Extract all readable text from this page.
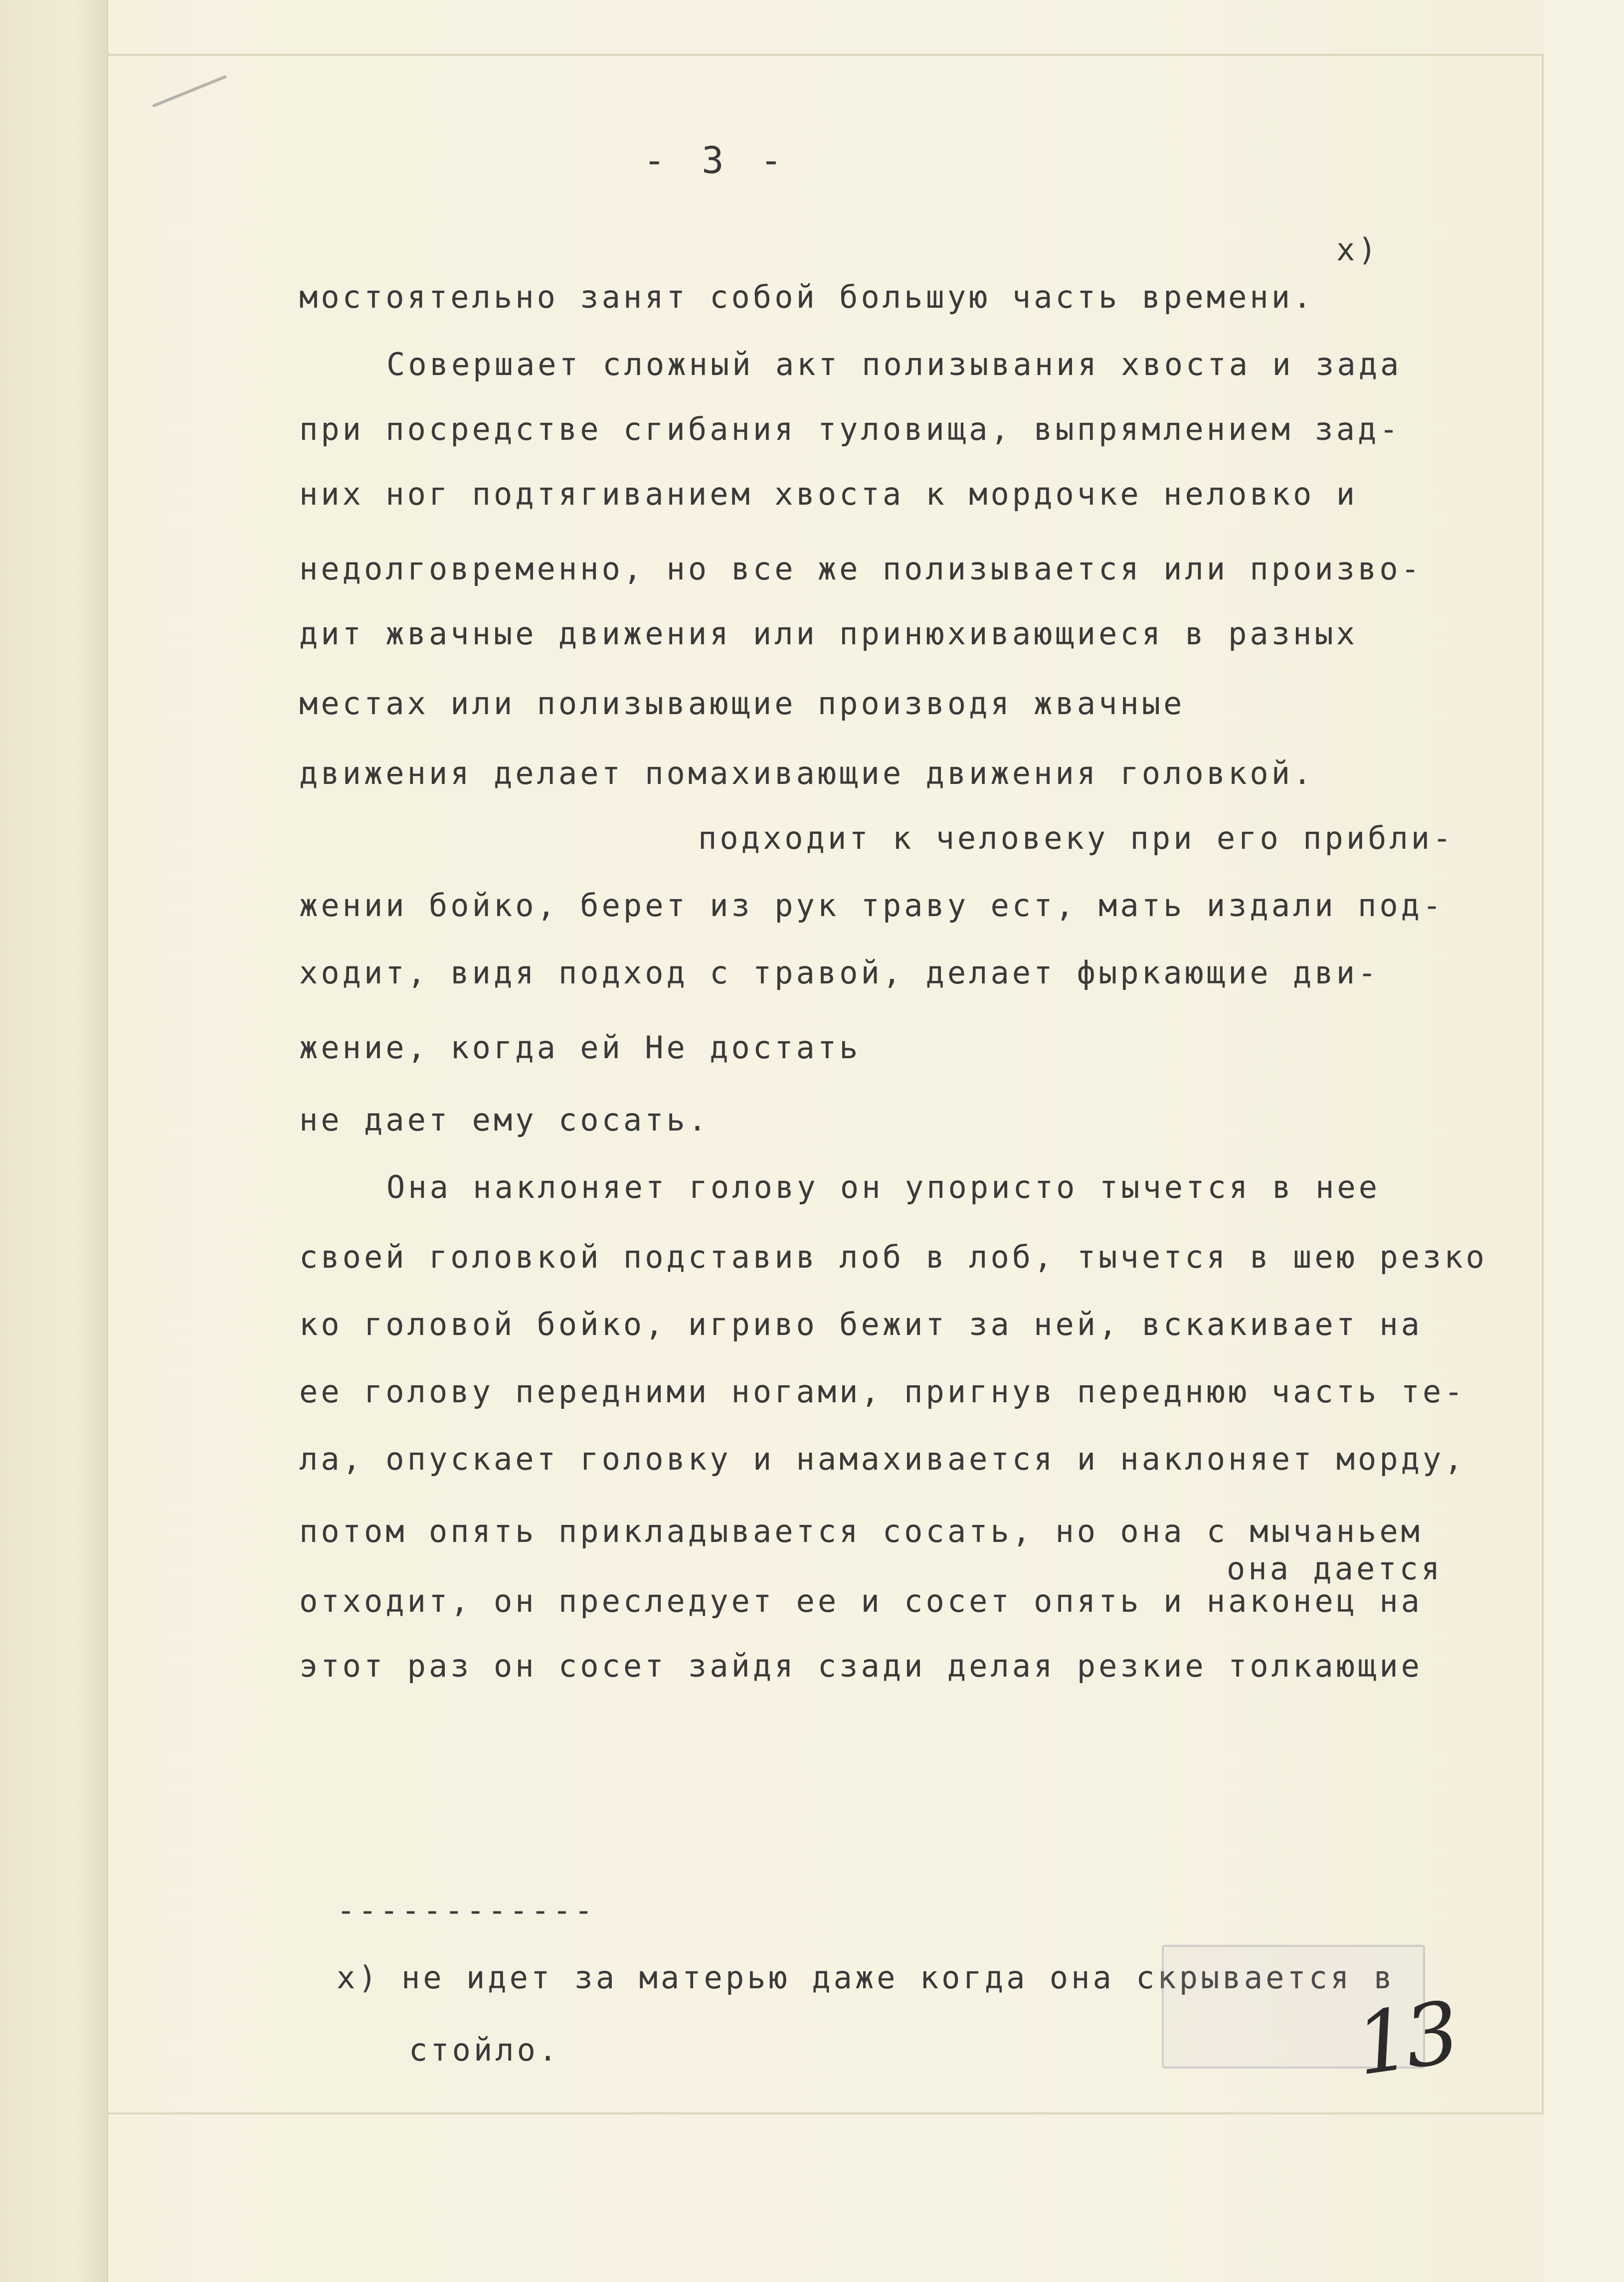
- 3 -
x)
мостоятельно занят собой большую часть времени.
Совершает сложный акт полизывания хвоста и зада
при посредстве сгибания туловища, выпрямлением зад-
них ног подтягиванием хвоста к мордочке неловко и
недолговременно, но все же полизывается или произво-
дит жвачные движения или принюхивающиеся в разных
местах или полизывающие производя жвачные
движения делает помахивающие движения головкой.
подходит к человеку при его прибли-
жении бойко, берет из рук траву ест, мать издали под-
ходит, видя подход с травой, делает фыркающие дви-
жение, когда ей Не достать
не дает ему сосать.
Она наклоняет голову он упористо тычется в нее
своей головкой подставив лоб в лоб, тычется в шею резко
ко головой бойко, игриво бежит за ней, вскакивает на
ее голову передними ногами, пригнув переднюю часть те-
ла, опускает головку и намахивается и наклоняет морду,
потом опять прикладывается сосать, но она с мычаньем
она дается
отходит, он преследует ее и сосет опять и наконец на
этот раз он сосет зайдя сзади делая резкие толкающие
------------
x) не идет за матерью даже когда она скрывается в
стойло.	13
